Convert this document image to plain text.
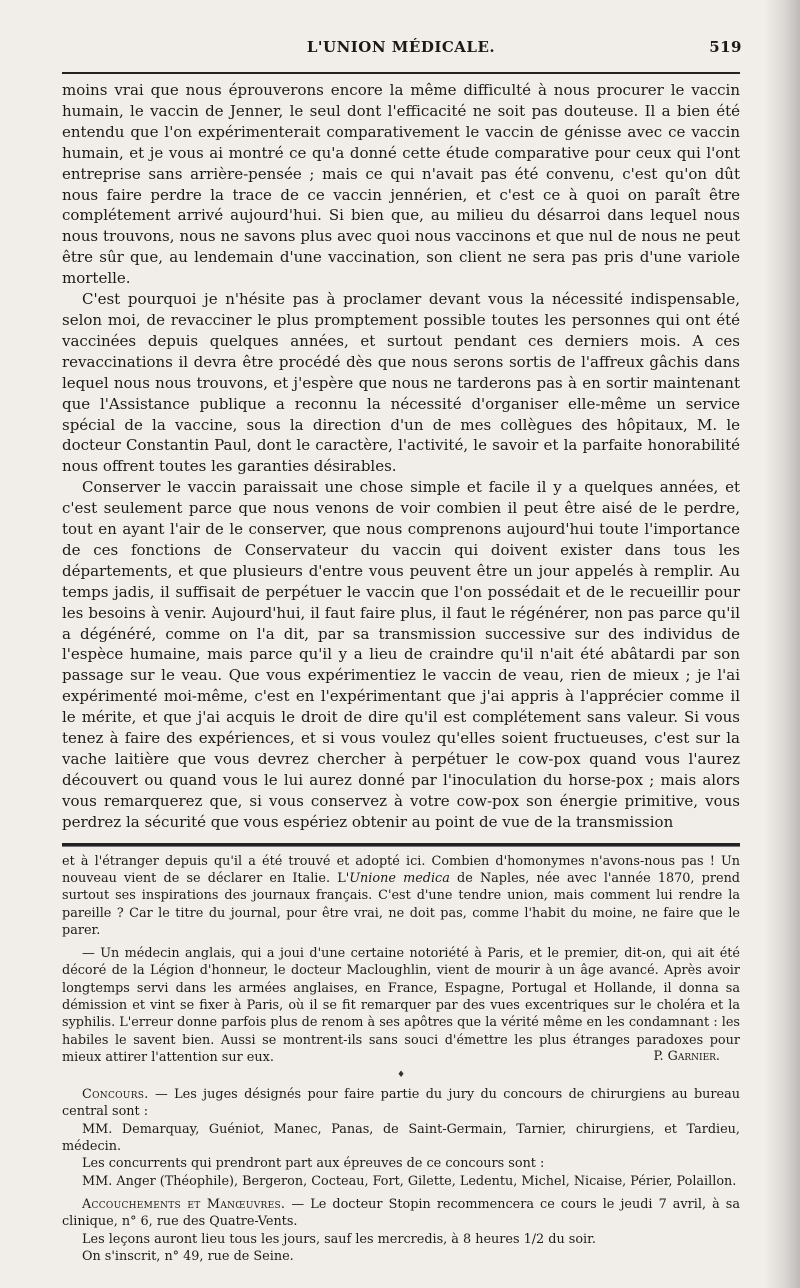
L'UNION MÉDICALE.	519

moins vrai que nous éprouverons encore la même difficulté à nous procurer le vaccin humain, le vaccin de Jenner, le seul dont l'efficacité ne soit pas douteuse. Il a bien été entendu que l'on expérimenterait comparativement le vaccin de génisse avec ce vaccin humain, et je vous ai montré ce qu'a donné cette étude comparative pour ceux qui l'ont entreprise sans arrière-pensée ; mais ce qui n'avait pas été convenu, c'est qu'on dût nous faire perdre la trace de ce vaccin jennérien, et c'est ce à quoi on paraît être complétement arrivé aujourd'hui. Si bien que, au milieu du désarroi dans lequel nous nous trouvons, nous ne savons plus avec quoi nous vaccinons et que nul de nous ne peut être sûr que, au lendemain d'une vaccination, son client ne sera pas pris d'une variole mortelle.

C'est pourquoi je n'hésite pas à proclamer devant vous la nécessité indispensable, selon moi, de revacciner le plus promptement possible toutes les personnes qui ont été vaccinées depuis quelques années, et surtout pendant ces derniers mois. A ces revaccinations il devra être procédé dès que nous serons sortis de l'affreux gâchis dans lequel nous nous trouvons, et j'espère que nous ne tarderons pas à en sortir maintenant que l'Assistance publique a reconnu la nécessité d'organiser elle-même un service spécial de la vaccine, sous la direction d'un de mes collègues des hôpitaux, M. le docteur Constantin Paul, dont le caractère, l'activité, le savoir et la parfaite honorabilité nous offrent toutes les garanties désirables.

Conserver le vaccin paraissait une chose simple et facile il y a quelques années, et c'est seulement parce que nous venons de voir combien il peut être aisé de le perdre, tout en ayant l'air de le conserver, que nous comprenons aujourd'hui toute l'importance de ces fonctions de Conservateur du vaccin qui doivent exister dans tous les départements, et que plusieurs d'entre vous peuvent être un jour appelés à remplir. Au temps jadis, il suffisait de perpétuer le vaccin que l'on possédait et de le recueillir pour les besoins à venir. Aujourd'hui, il faut faire plus, il faut le régénérer, non pas parce qu'il a dégénéré, comme on l'a dit, par sa transmission successive sur des individus de l'espèce humaine, mais parce qu'il y a lieu de craindre qu'il n'ait été abâtardi par son passage sur le veau. Que vous expérimentiez le vaccin de veau, rien de mieux ; je l'ai expérimenté moi-même, c'est en l'expérimentant que j'ai appris à l'apprécier comme il le mérite, et que j'ai acquis le droit de dire qu'il est complétement sans valeur. Si vous tenez à faire des expériences, et si vous voulez qu'elles soient fructueuses, c'est sur la vache laitière que vous devrez chercher à perpétuer le cow-pox quand vous l'aurez découvert ou quand vous le lui aurez donné par l'inoculation du horse-pox ; mais alors vous remarquerez que, si vous conservez à votre cow-pox son énergie primitive, vous perdrez la sécurité que vous espériez obtenir au point de vue de la transmission

et à l'étranger depuis qu'il a été trouvé et adopté ici. Combien d'homonymes n'avons-nous pas ! Un nouveau vient de se déclarer en Italie. L'Unione medica de Naples, née avec l'année 1870, prend surtout ses inspirations des journaux français. C'est d'une tendre union, mais comment lui rendre la pareille ? Car le titre du journal, pour être vrai, ne doit pas, comme l'habit du moine, ne faire que le parer.

— Un médecin anglais, qui a joui d'une certaine notoriété à Paris, et le premier, dit-on, qui ait été décoré de la Légion d'honneur, le docteur Macloughlin, vient de mourir à un âge avancé. Après avoir longtemps servi dans les armées anglaises, en France, Espagne, Portugal et Hollande, il donna sa démission et vint se fixer à Paris, où il se fit remarquer par des vues excentriques sur le choléra et la syphilis. L'erreur donne parfois plus de renom à ses apôtres que la vérité même en les condamnant : les habiles le savent bien. Aussi se montrent-ils sans souci d'émettre les plus étranges paradoxes pour mieux attirer l'attention sur eux.	P. Garnier.
♦

Concours. — Les juges désignés pour faire partie du jury du concours de chirurgiens au bureau central sont :

MM. Demarquay, Guéniot, Manec, Panas, de Saint-Germain, Tarnier, chirurgiens, et Tardieu, médecin.

Les concurrents qui prendront part aux épreuves de ce concours sont :

MM. Anger (Théophile), Bergeron, Cocteau, Fort, Gilette, Ledentu, Michel, Nicaise, Périer, Polaillon.

Accouchements et Manœuvres. — Le docteur Stopin recommencera ce cours le jeudi 7 avril, à sa clinique, n° 6, rue des Quatre-Vents.

Les leçons auront lieu tous les jours, sauf les mercredis, à 8 heures 1/2 du soir.

On s'inscrit, n° 49, rue de Seine.
